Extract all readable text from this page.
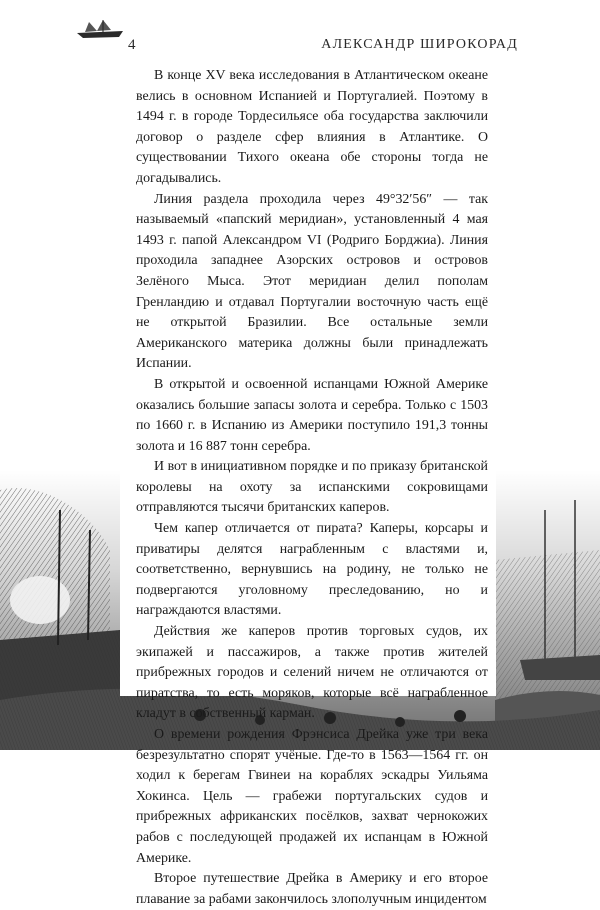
4	АЛЕКСАНДР ШИРОКОРАД

В конце XV века исследования в Атлантическом океане велись в основном Испанией и Португалией. Поэтому в 1494 г. в городе Тордесильясе оба государства заключили договор о разделе сфер влияния в Атлантике. О существовании Тихого океана обе стороны тогда не догадывались.

Линия раздела проходила через 49°32′56″ — так называемый «папский меридиан», установленный 4 мая 1493 г. папой Александром VI (Родриго Борджиа). Линия проходила западнее Азорских островов и островов Зелёного Мыса. Этот меридиан делил пополам Гренландию и отдавал Португалии восточную часть ещё не открытой Бразилии. Все остальные земли Американского материка должны были принадлежать Испании.

В открытой и освоенной испанцами Южной Америке оказались большие запасы золота и серебра. Только с 1503 по 1660 г. в Испанию из Америки поступило 191,3 тонны золота и 16 887 тонн серебра.

И вот в инициативном порядке и по приказу британской королевы на охоту за испанскими сокровищами отправляются тысячи британских каперов.

Чем капер отличается от пирата? Каперы, корсары и приватиры делятся награбленным с властями и, соответственно, вернувшись на родину, не только не подвергаются уголовному преследованию, но и награждаются властями.

Действия же каперов против торговых судов, их экипажей и пассажиров, а также против жителей прибрежных городов и селений ничем не отличаются от пиратства, то есть моряков, которые всё награбленное кладут в собственный карман.

О времени рождения Фрэнсиса Дрейка уже три века безрезультатно спорят учёные. Где-то в 1563—1564 гг. он ходил к берегам Гвинеи на кораблях эскадры Уильяма Хокинса. Цель — грабежи португальских судов и прибрежных африканских посёлков, захват чернокожих рабов с последующей продажей их испанцам в Южной Америке.

Второе путешествие Дрейка в Америку и его второе плавание за рабами закончилось злополучным инцидентом
